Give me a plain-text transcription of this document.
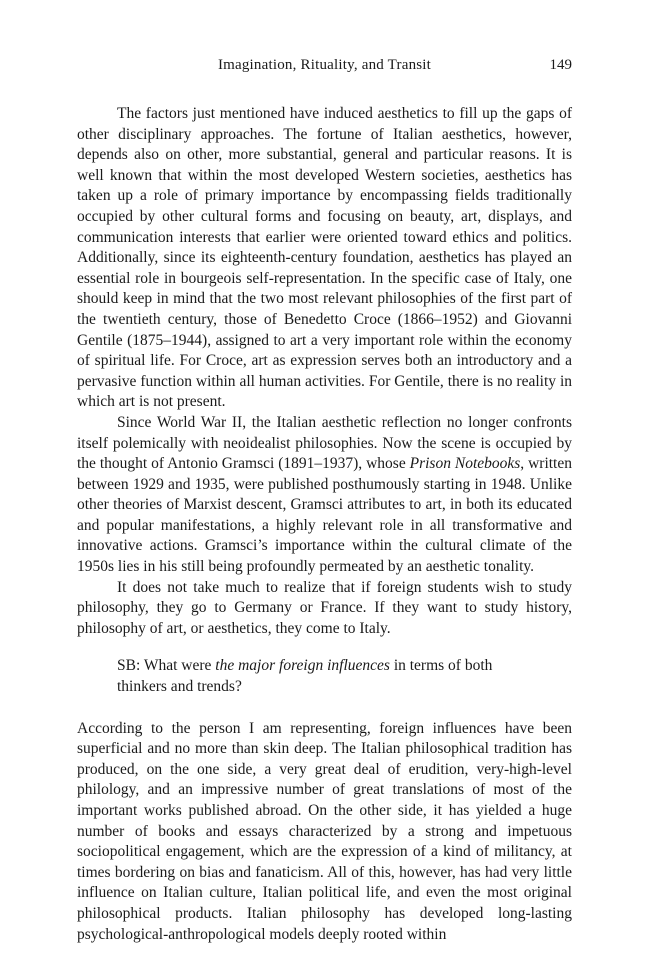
Imagination, Rituality, and Transit	149

The factors just mentioned have induced aesthetics to fill up the gaps of other disciplinary approaches. The fortune of Italian aesthetics, however, depends also on other, more substantial, general and particular reasons. It is well known that within the most developed Western societies, aesthetics has taken up a role of primary importance by encompassing fields traditionally occupied by other cultural forms and focusing on beauty, art, displays, and communication interests that earlier were oriented toward ethics and politics. Additionally, since its eighteenth-century foundation, aesthetics has played an essential role in bourgeois self-representation. In the specific case of Italy, one should keep in mind that the two most relevant philosophies of the first part of the twentieth century, those of Benedetto Croce (1866–1952) and Giovanni Gentile (1875–1944), assigned to art a very important role within the economy of spiritual life. For Croce, art as expression serves both an introductory and a pervasive function within all human activities. For Gentile, there is no reality in which art is not present.

Since World War II, the Italian aesthetic reflection no longer confronts itself polemically with neoidealist philosophies. Now the scene is occupied by the thought of Antonio Gramsci (1891–1937), whose Prison Notebooks, written between 1929 and 1935, were published posthumously starting in 1948. Unlike other theories of Marxist descent, Gramsci attributes to art, in both its educated and popular manifestations, a highly relevant role in all transformative and innovative actions. Gramsci’s importance within the cultural climate of the 1950s lies in his still being profoundly permeated by an aesthetic tonality.

It does not take much to realize that if foreign students wish to study philosophy, they go to Germany or France. If they want to study history, philosophy of art, or aesthetics, they come to Italy.

SB: What were the major foreign influences in terms of both thinkers and trends?

According to the person I am representing, foreign influences have been superficial and no more than skin deep. The Italian philosophical tradition has produced, on the one side, a very great deal of erudition, very-high-level philology, and an impressive number of great translations of most of the important works published abroad. On the other side, it has yielded a huge number of books and essays characterized by a strong and impetuous sociopolitical engagement, which are the expression of a kind of militancy, at times bordering on bias and fanaticism. All of this, however, has had very little influence on Italian culture, Italian political life, and even the most original philosophical products. Italian philosophy has developed long-lasting psychological-anthropological models deeply rooted within
